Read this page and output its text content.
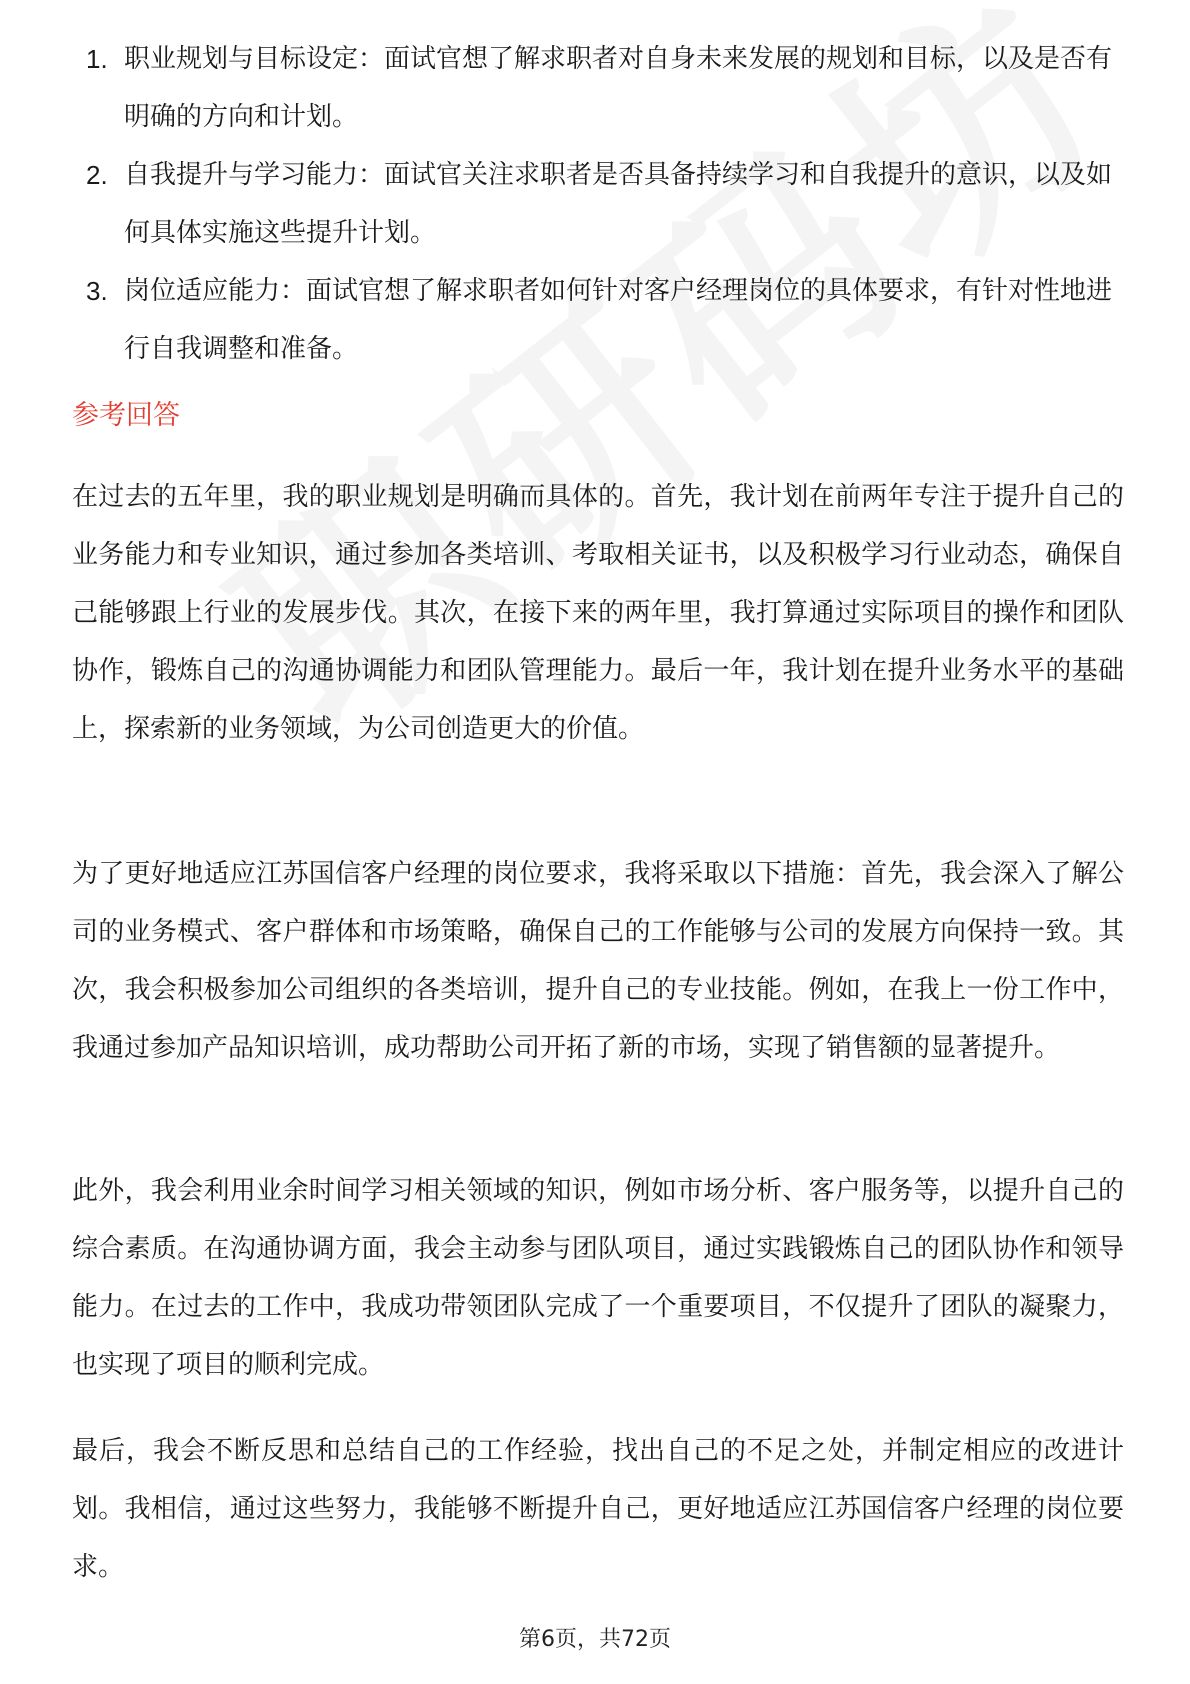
1. 职业规划与目标设定：面试官想了解求职者对自身未来发展的规划和目标，以及是否有明确的方向和计划。
2. 自我提升与学习能力：面试官关注求职者是否具备持续学习和自我提升的意识，以及如何具体实施这些提升计划。
3. 岗位适应能力：面试官想了解求职者如何针对客户经理岗位的具体要求，有针对性地进行自我调整和准备。
参考回答

在过去的五年里，我的职业规划是明确而具体的。首先，我计划在前两年专注于提升自己的业务能力和专业知识，通过参加各类培训、考取相关证书，以及积极学习行业动态，确保自己能够跟上行业的发展步伐。其次，在接下来的两年里，我打算通过实际项目的操作和团队协作，锻炼自己的沟通协调能力和团队管理能力。最后一年，我计划在提升业务水平的基础上，探索新的业务领域，为公司创造更大的价值。

为了更好地适应江苏国信客户经理的岗位要求，我将采取以下措施：首先，我会深入了解公司的业务模式、客户群体和市场策略，确保自己的工作能够与公司的发展方向保持一致。其次，我会积极参加公司组织的各类培训，提升自己的专业技能。例如，在我上一份工作中，我通过参加产品知识培训，成功帮助公司开拓了新的市场，实现了销售额的显著提升。

此外，我会利用业余时间学习相关领域的知识，例如市场分析、客户服务等，以提升自己的综合素质。在沟通协调方面，我会主动参与团队项目，通过实践锻炼自己的团队协作和领导能力。在过去的工作中，我成功带领团队完成了一个重要项目，不仅提升了团队的凝聚力，也实现了项目的顺利完成。

最后，我会不断反思和总结自己的工作经验，找出自己的不足之处，并制定相应的改进计划。我相信，通过这些努力，我能够不断提升自己，更好地适应江苏国信客户经理的岗位要求。

第6页，共72页
